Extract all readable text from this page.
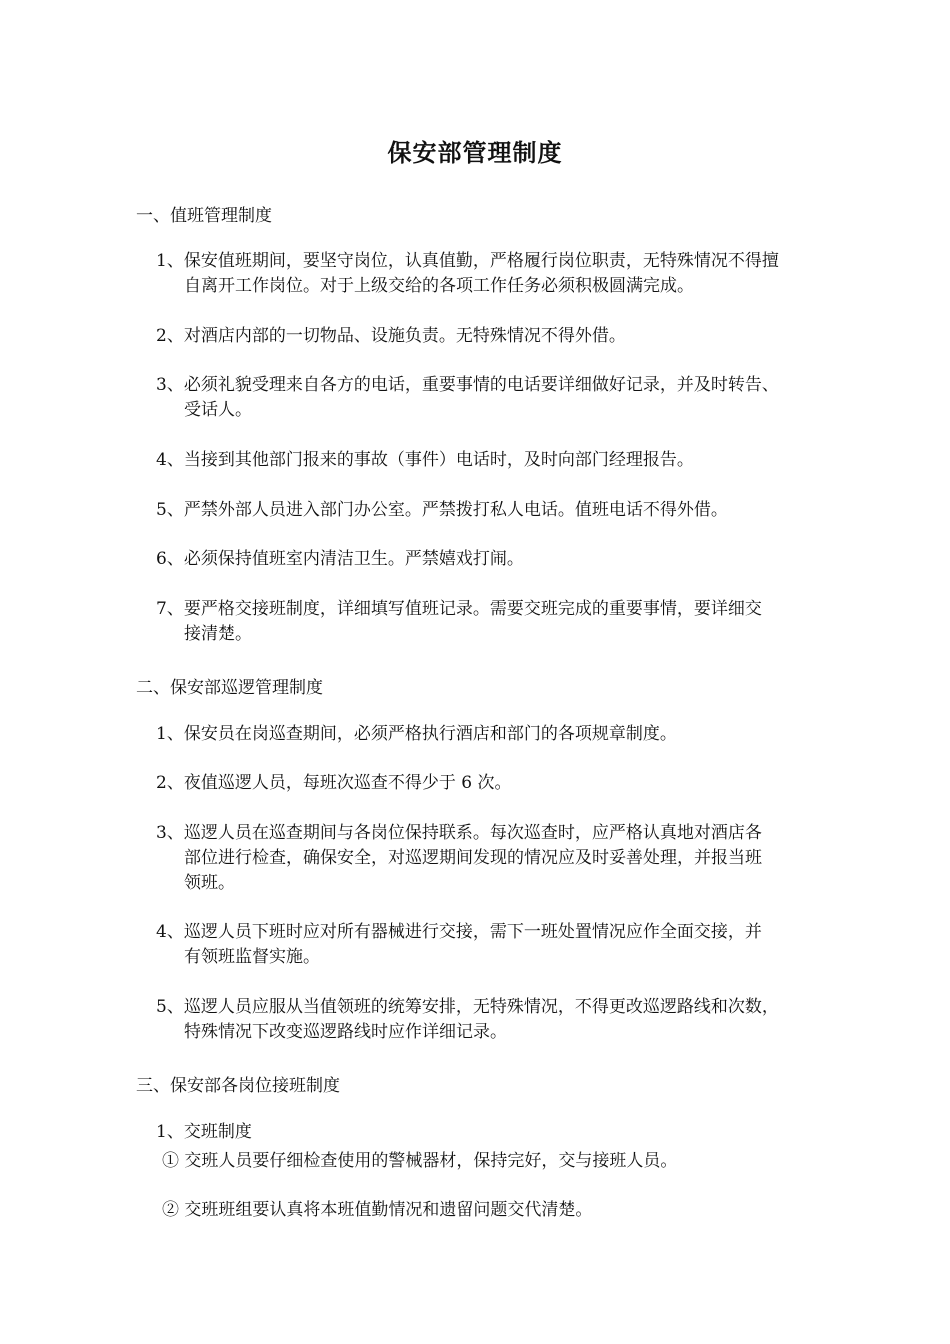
保安部管理制度
一、值班管理制度
1、保安值班期间，要坚守岗位，认真值勤，严格履行岗位职责，无特殊情况不得擅
自离开工作岗位。对于上级交给的各项工作任务必须积极圆满完成。
2、对酒店内部的一切物品、设施负责。无特殊情况不得外借。
3、必须礼貌受理来自各方的电话，重要事情的电话要详细做好记录，并及时转告、
受话人。
4、当接到其他部门报来的事故（事件）电话时，及时向部门经理报告。
5、严禁外部人员进入部门办公室。严禁拨打私人电话。值班电话不得外借。
6、必须保持值班室内清洁卫生。严禁嬉戏打闹。
7、要严格交接班制度，详细填写值班记录。需要交班完成的重要事情，要详细交
接清楚。
二、保安部巡逻管理制度
1、保安员在岗巡查期间，必须严格执行酒店和部门的各项规章制度。
2、夜值巡逻人员，每班次巡查不得少于 6 次。
3、巡逻人员在巡查期间与各岗位保持联系。每次巡查时，应严格认真地对酒店各
部位进行检查，确保安全，对巡逻期间发现的情况应及时妥善处理，并报当班
领班。
4、巡逻人员下班时应对所有器械进行交接，需下一班处置情况应作全面交接，并
有领班监督实施。
5、巡逻人员应服从当值领班的统筹安排，无特殊情况，不得更改巡逻路线和次数，
特殊情况下改变巡逻路线时应作详细记录。
三、保安部各岗位接班制度
1、交班制度
① 交班人员要仔细检查使用的警械器材，保持完好，交与接班人员。
② 交班班组要认真将本班值勤情况和遗留问题交代清楚。
